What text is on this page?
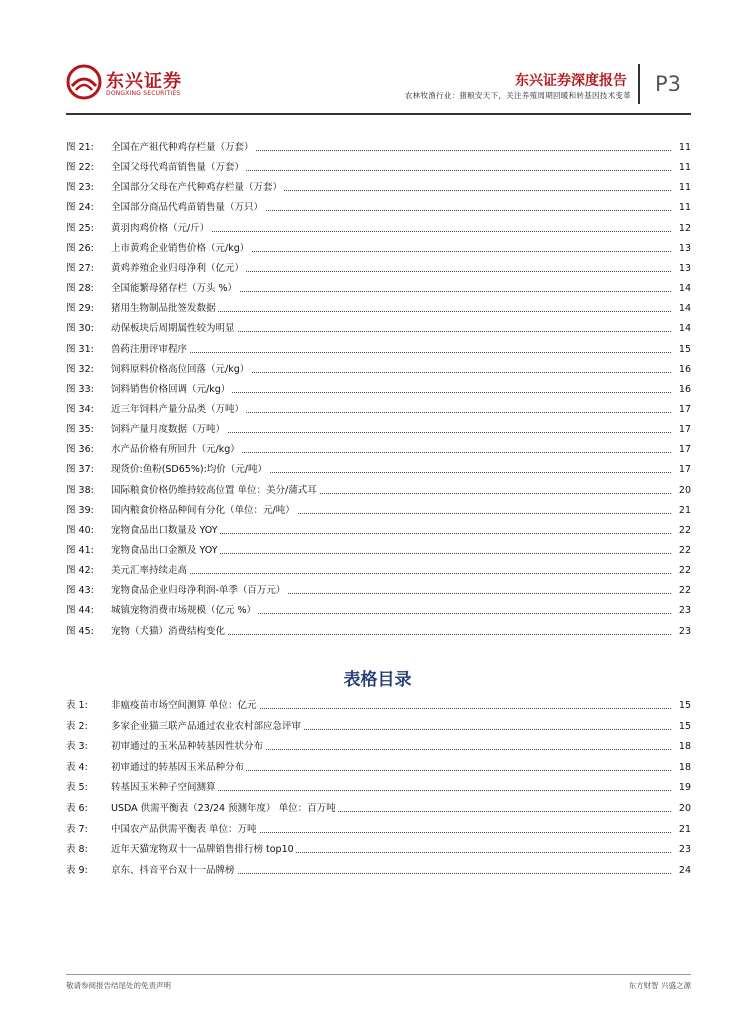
东兴证券
DONGXING SECURITIES
东兴证券深度报告
农林牧渔行业：猪粮安天下，关注养殖周期回暖和转基因技术变革 P3
图 21:	全国在产祖代种鸡存栏量（万套）	11
图 22:	全国父母代鸡苗销售量（万套）	11
图 23:	全国部分父母在产代种鸡存栏量（万套）	11
图 24:	全国部分商品代鸡苗销售量（万只）	11
图 25:	黄羽肉鸡价格（元/斤）	12
图 26:	上市黄鸡企业销售价格（元/kg）	13
图 27:	黄鸡养殖企业归母净利（亿元）	13
图 28:	全国能繁母猪存栏（万头 %）	14
图 29:	猪用生物制品批签发数据	14
图 30:	动保板块后周期属性较为明显	14
图 31:	兽药注册评审程序	15
图 32:	饲料原料价格高位回落（元/kg）	16
图 33:	饲料销售价格回调（元/kg）	16
图 34:	近三年饲料产量分品类（万吨）	17
图 35:	饲料产量月度数据（万吨）	17
图 36:	水产品价格有所回升（元/kg）	17
图 37:	现货价:鱼粉(SD65%):均价（元/吨）	17
图 38:	国际粮食价格仍维持较高位置 单位：美分/蒲式耳	20
图 39:	国内粮食价格品种间有分化（单位：元/吨）	21
图 40:	宠物食品出口数量及 YOY	22
图 41:	宠物食品出口金额及 YOY	22
图 42:	美元汇率持续走高	22
图 43:	宠物食品企业归母净利润-单季（百万元）	22
图 44:	城镇宠物消费市场规模（亿元 %）	23
图 45:	宠物（犬猫）消费结构变化	23
表格目录
表 1:	非瘟疫苗市场空间测算 单位：亿元	15
表 2:	多家企业猫三联产品通过农业农村部应急评审	15
表 3:	初审通过的玉米品种转基因性状分布	18
表 4:	初审通过的转基因玉米品种分布	18
表 5:	转基因玉米种子空间测算	19
表 6:	USDA 供需平衡表（23/24 预测年度） 单位：百万吨	20
表 7:	中国农产品供需平衡表 单位：万吨	21
表 8:	近年天猫宠物双十一品牌销售排行榜 top10	23
表 9:	京东、抖音平台双十一品牌榜	24
敬请参阅报告结尾处的免责声明	东方财智 兴盛之源
